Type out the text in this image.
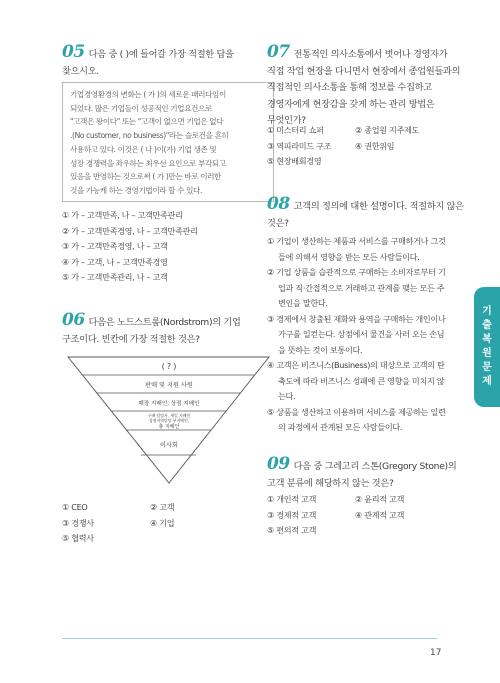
05 다음 중 ( )에 들어갈 가장 적절한 답을
찾으시오.
기업경영환경의 변화는 ( 가 )의 새로운 패러다임이
되었다. 많은 기업들이 성공적인 기업요건으로
"고객은 왕이다" 또는 "고객이 없으면 기업은 없다
.(No customer, no business)"라는 슬로건을 흔히
사용하고 있다. 이것은 ( 나 )이(가) 기업 생존 및
성장 경쟁력을 좌우하는 최우선 요인으로 부각되고
있음을 반영하는 것으로써 ( 가 )만는 바로 이러한
것을 가능케 하는 경영기법이라 할 수 있다.
① 가 – 고객만족, 나 – 고객만족관리
② 가 – 고객만족경영, 나 – 고객만족관리
③ 가 – 고객만족경영, 나 – 고객
④ 가 – 고객, 나 – 고객만족경영
⑤ 가 – 고객만족관리, 나 – 고객
06 다음은 노드스트롬(Nordstrom)의 기업
구조이다. 빈칸에 가장 적절한 것은?
( ? )
판매 및 지원 사원
매장 지배인, 상점 지배인
구매 담당자, 세일 지배인
상점지역담당 부지배인,
총 지배인
이사회
① CEO	② 고객
③ 경쟁사	④ 기업
⑤ 협력사
07 전통적인 의사소통에서 벗어나 경영자가
직접 작업 현장을 다니면서 현장에서 종업원들과의
직접적인 의사소통을 통해 정보를 수집하고
경영자에게 현장감을 갖게 하는 관리 방법은
무엇인가?
① 미스터리 쇼퍼	② 종업원 지주제도
③ 역피라미드 구조	④ 권한위임
⑤ 현장배회경영
08 고객의 정의에 대한 설명이다. 적절하지 않은
것은?
① 기업이 생산하는 제품과 서비스를 구매하거나 그것들에 의해서 영향을 받는 모든 사람들이다.
② 기업 상품을 습관적으로 구매하는 소비자로부터 기업과 직·간접적으로 거래하고 관계를 맺는 모든 주변인을 말한다.
③ 경제에서 창출된 재화와 용역을 구매하는 개인이나 가구를 일컫는다. 상점에서 물건을 사러 오는 손님을 뜻하는 것이 보통이다.
④ 고객은 비즈니스(Business)의 대상으로 고객의 탄축도에 따라 비즈니스 성패에 큰 영향을 미치지 않는다.
⑤ 상품을 생산하고 이용하며 서비스를 제공하는 일련의 과정에서 관계된 모든 사람들이다.
09 다음 중 그레고리 스톤(Gregory Stone)의
고객 분류에 해당하지 않는 것은?
① 개인적 고객	② 윤리적 고객
③ 경제적 고객	④ 관계적 고객
⑤ 편의적 고객
기
출
복
원
문
제
17
